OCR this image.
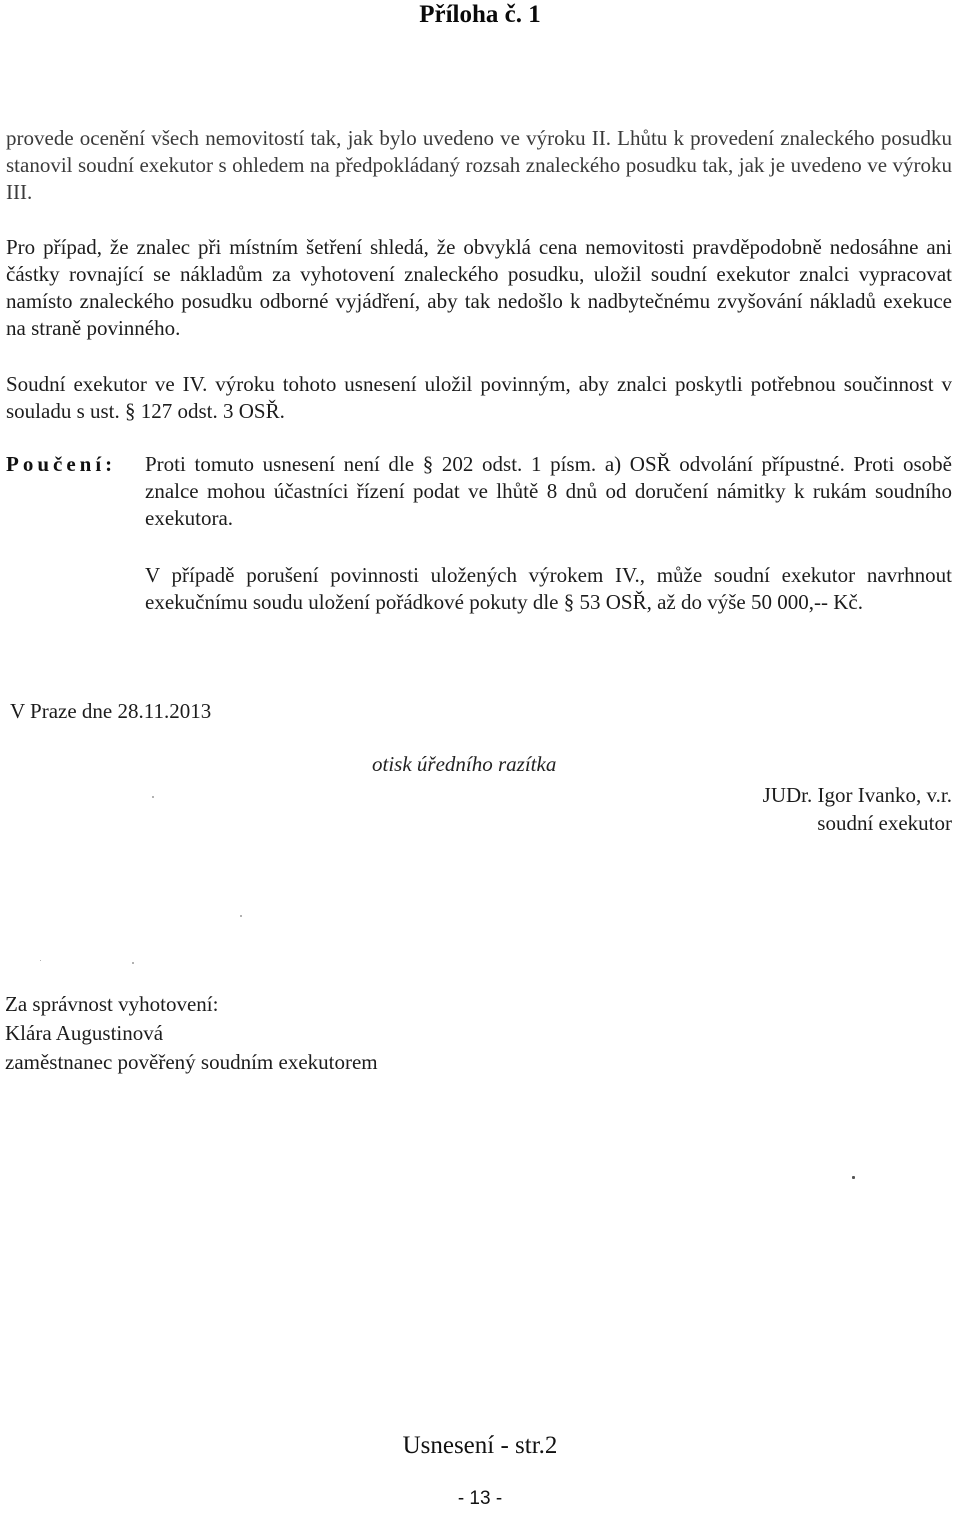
Příloha č. 1
provede ocenění všech nemovitostí tak, jak bylo uvedeno ve výroku II. Lhůtu k provedení znaleckého posudku stanovil soudní exekutor s ohledem na předpokládaný rozsah znaleckého posudku tak, jak je uvedeno ve výroku III.
Pro případ, že znalec při místním šetření shledá, že obvyklá cena nemovitosti pravděpodobně nedosáhne ani částky rovnající se nákladům za vyhotovení znaleckého posudku, uložil soudní exekutor znalci vypracovat namísto znaleckého posudku odborné vyjádření, aby tak nedošlo k nadbytečnému zvyšování nákladů exekuce na straně povinného.
Soudní exekutor ve IV. výroku tohoto usnesení uložil povinným, aby znalci poskytli potřebnou součinnost v souladu s ust. § 127 odst. 3 OSŘ.
Poučení: Proti tomuto usnesení není dle § 202 odst. 1 písm. a) OSŘ odvolání přípustné. Proti osobě znalce mohou účastníci řízení podat ve lhůtě 8 dnů od doručení námitky k rukám soudního exekutora.
V případě porušení povinnosti uložených výrokem IV., může soudní exekutor navrhnout exekučnímu soudu uložení pořádkové pokuty dle § 53 OSŘ, až do výše 50 000,-- Kč.
V Praze dne 28.11.2013
otisk úředního razítka
JUDr. Igor Ivanko, v.r.
soudní exekutor
Za správnost vyhotovení:
Klára Augustinová
zaměstnanec pověřený soudním exekutorem
Usnesení - str.2
- 13 -
